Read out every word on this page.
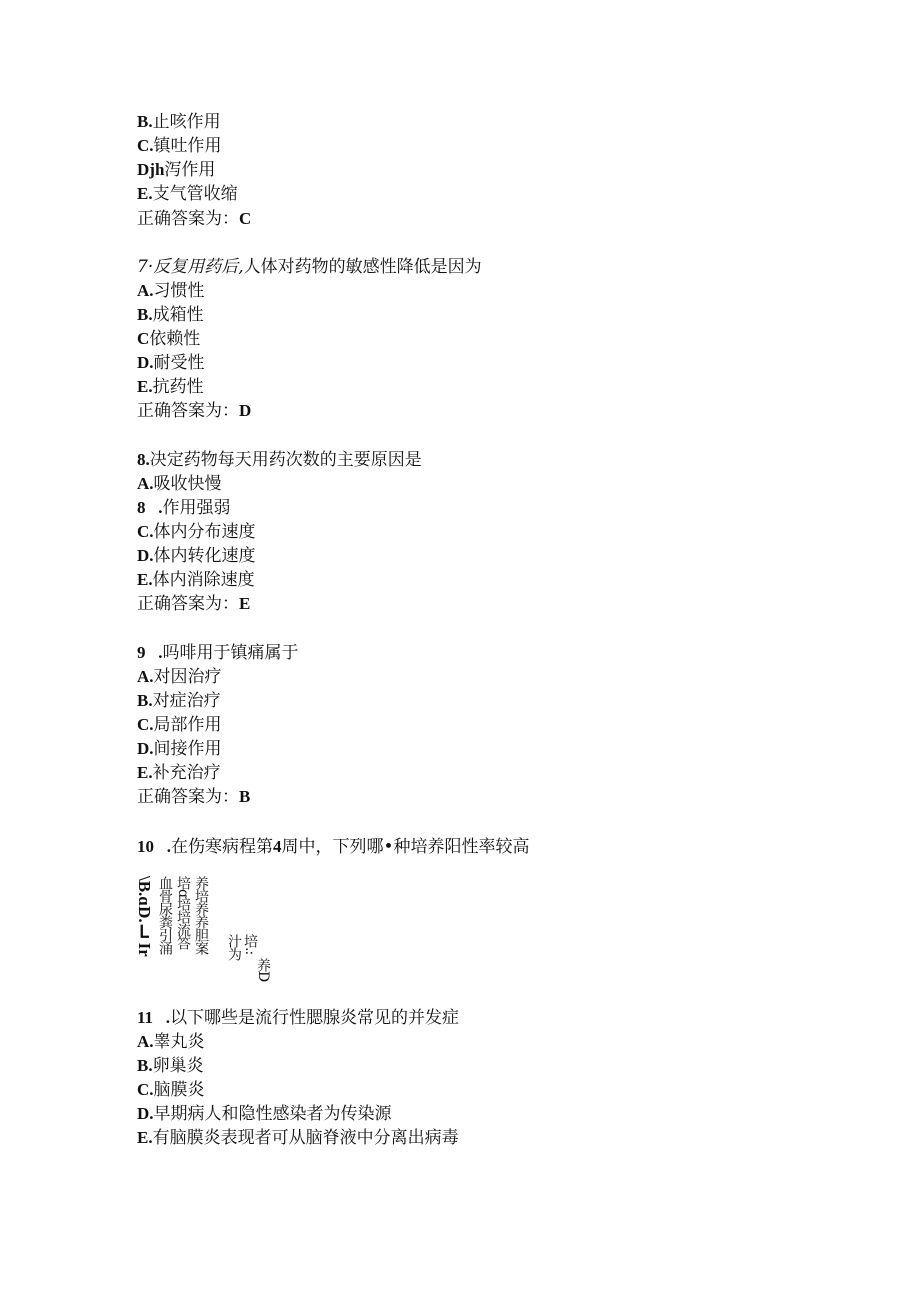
B.止咳作用
C.镇吐作用
Djh泻作用
E.支气管收缩
正确答案为：C
7·反复用药后,人体对药物的敏感性降低是因为
A.习惯性
B.成箱性
C依赖性
D.耐受性
E.抗药性
正确答案为：D
8.决定药物每天用药次数的主要原因是
A.吸收快慢
8   .作用强弱
C.体内分布速度
D.体内转化速度
E.体内消除速度
正确答案为：E
9   .吗啡用于镇痛属于
A.对因治疗
B.对症治疗
C.局部作用
D.间接作用
E.补充治疗
正确答案为：B
10   .在伤寒病程第4周中，下列哪•种培养阳性率较高
\B.ɑD.ᒪIr 血骨尿粪引涌 培ɑ培培流答 养培养养胆案 汁为 培.:
养D
11   .以下哪些是流行性腮腺炎常见的并发症
A.睾丸炎
B.卵巢炎
C.脑膜炎
D.早期病人和隐性感染者为传染源
E.有脑膜炎表现者可从脑脊液中分离出病毒
